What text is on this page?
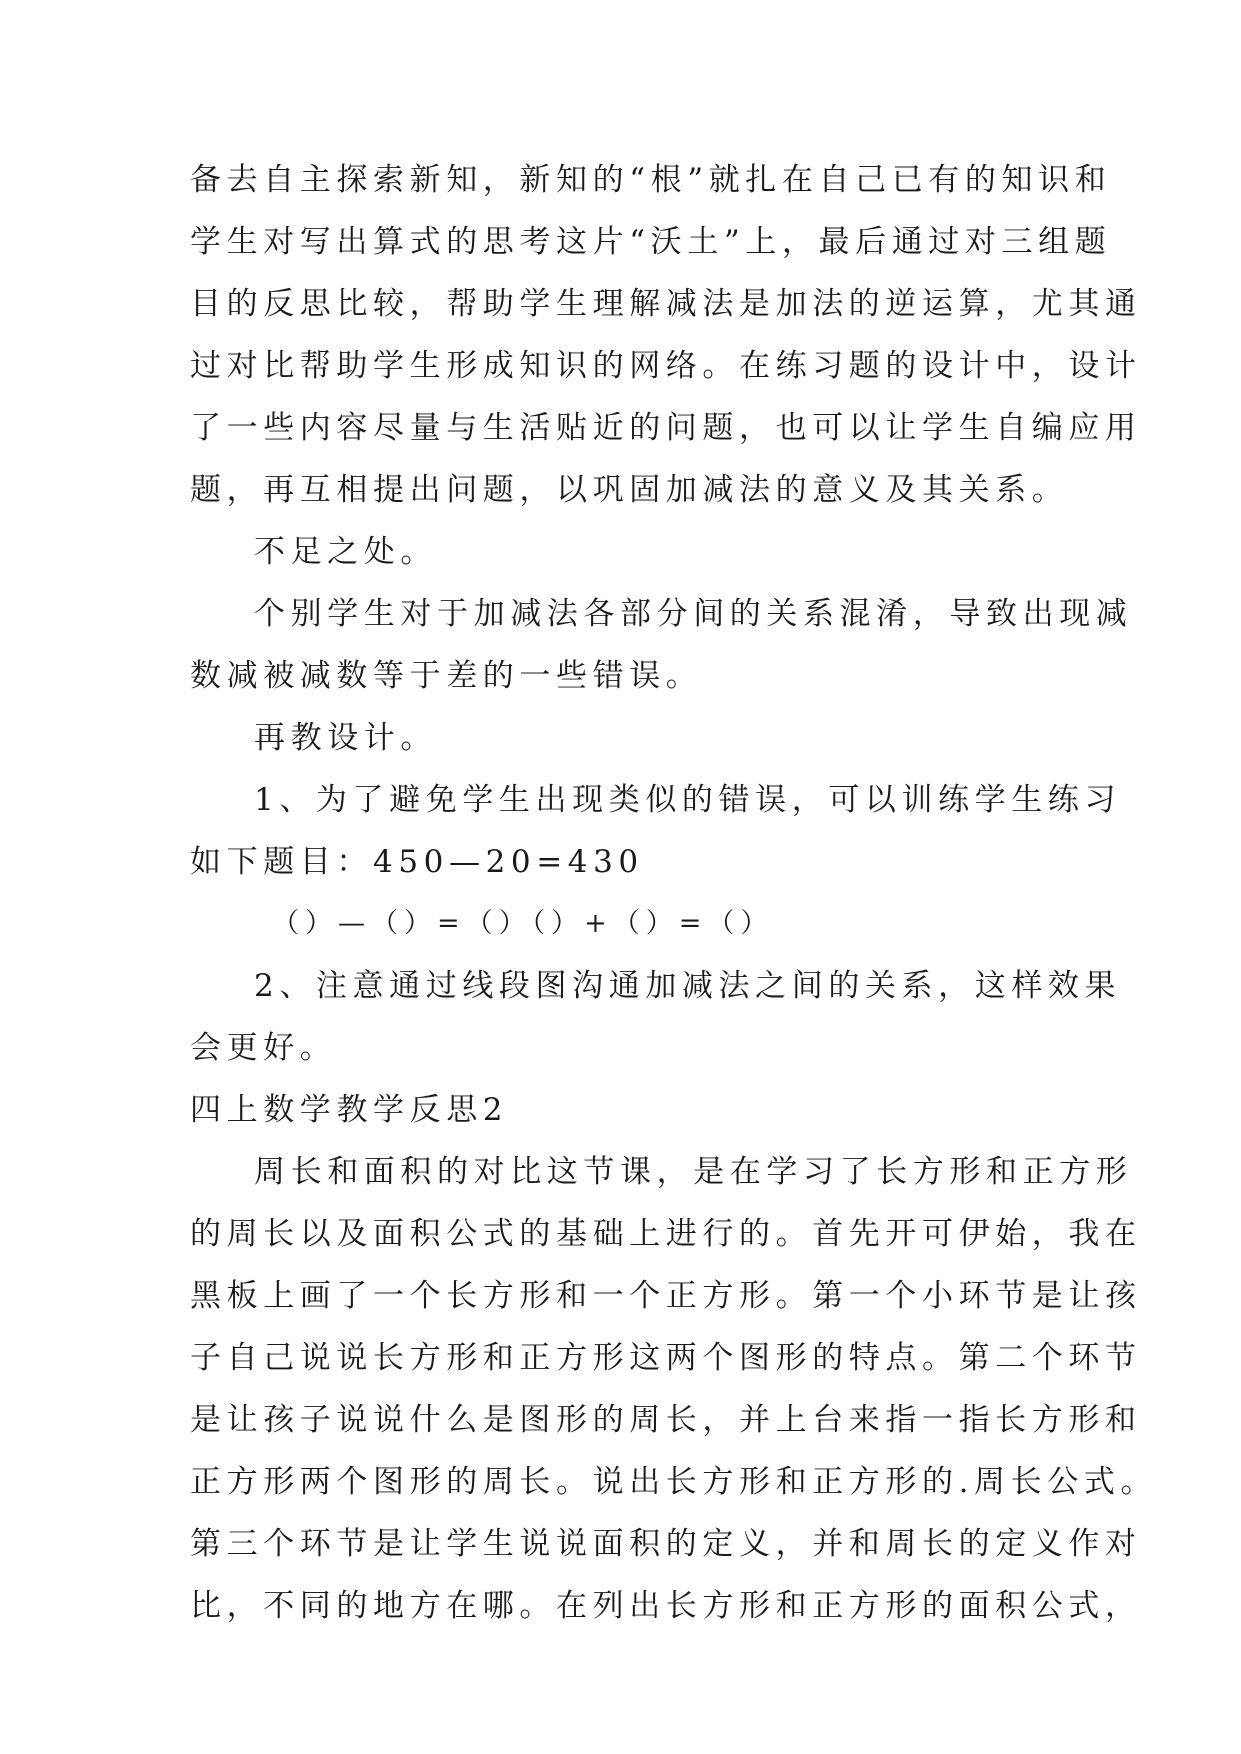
备去自主探索新知，新知的“根”就扎在自己已有的知识和
学生对写出算式的思考这片“沃土”上，最后通过对三组题
目的反思比较，帮助学生理解减法是加法的逆运算，尤其通
过对比帮助学生形成知识的网络。在练习题的设计中，设计
了一些内容尽量与生活贴近的问题，也可以让学生自编应用
题，再互相提出问题，以巩固加减法的意义及其关系。
不足之处。
个别学生对于加减法各部分间的关系混淆，导致出现减
数减被减数等于差的一些错误。
再教设计。
1、为了避免学生出现类似的错误，可以训练学生练习
如下题目：450—20=430
（）—（）=（）（）+（）=（）
2、注意通过线段图沟通加减法之间的关系，这样效果
会更好。
四上数学教学反思2
周长和面积的对比这节课，是在学习了长方形和正方形
的周长以及面积公式的基础上进行的。首先开可伊始，我在
黑板上画了一个长方形和一个正方形。第一个小环节是让孩
子自己说说长方形和正方形这两个图形的特点。第二个环节
是让孩子说说什么是图形的周长，并上台来指一指长方形和
正方形两个图形的周长。说出长方形和正方形的.周长公式。
第三个环节是让学生说说面积的定义，并和周长的定义作对
比，不同的地方在哪。在列出长方形和正方形的面积公式，
